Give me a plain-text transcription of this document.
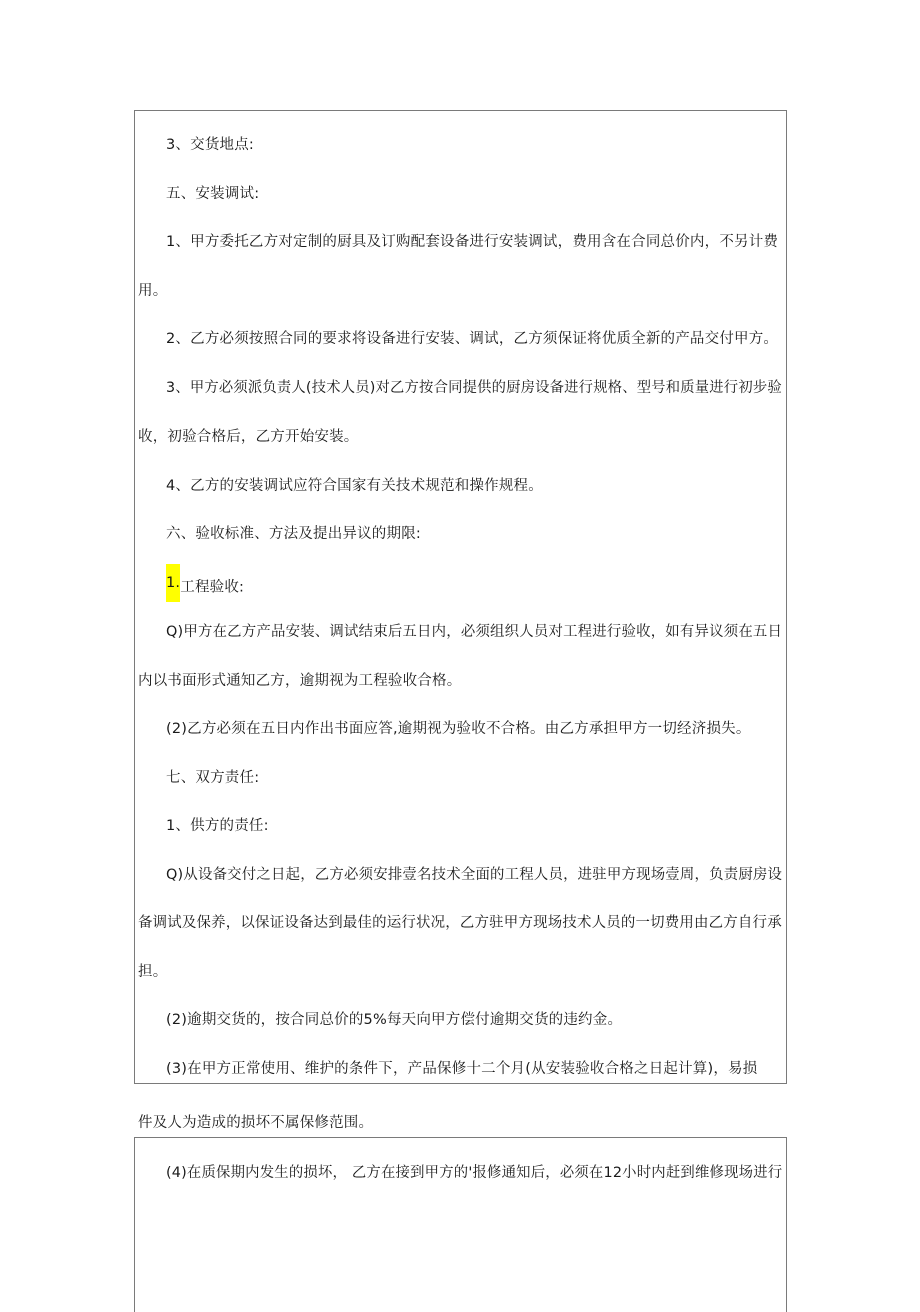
3、交货地点:
五、安装调试:
1、甲方委托乙方对定制的厨具及订购配套设备进行安装调试，费用含在合同总价内，不另计费
用。
2、乙方必须按照合同的要求将设备进行安装、调试，乙方须保证将优质全新的产品交付甲方。
3、甲方必须派负责人(技术人员)对乙方按合同提供的厨房设备进行规格、型号和质量进行初步验
收，初验合格后，乙方开始安装。
4、乙方的安装调试应符合国家有关技术规范和操作规程。
六、验收标准、方法及提出异议的期限:
1.工程验收:
Q)甲方在乙方产品安装、调试结束后五日内，必须组织人员对工程进行验收，如有异议须在五日
内以书面形式通知乙方，逾期视为工程验收合格。
(2)乙方必须在五日内作出书面应答,逾期视为验收不合格。由乙方承担甲方一切经济损失。
七、双方责任:
1、供方的责任:
Q)从设备交付之日起，乙方必须安排壹名技术全面的工程人员，进驻甲方现场壹周，负责厨房设
备调试及保养，以保证设备达到最佳的运行状况，乙方驻甲方现场技术人员的一切费用由乙方自行承
担。
(2)逾期交货的，按合同总价的5%每天向甲方偿付逾期交货的违约金。
(3)在甲方正常使用、维护的条件下，产品保修十二个月(从安装验收合格之日起计算)，易损
件及人为造成的损坏不属保修范围。
(4)在质保期内发生的损坏， 乙方在接到甲方的'报修通知后，必须在12小时内赶到维修现场进行
